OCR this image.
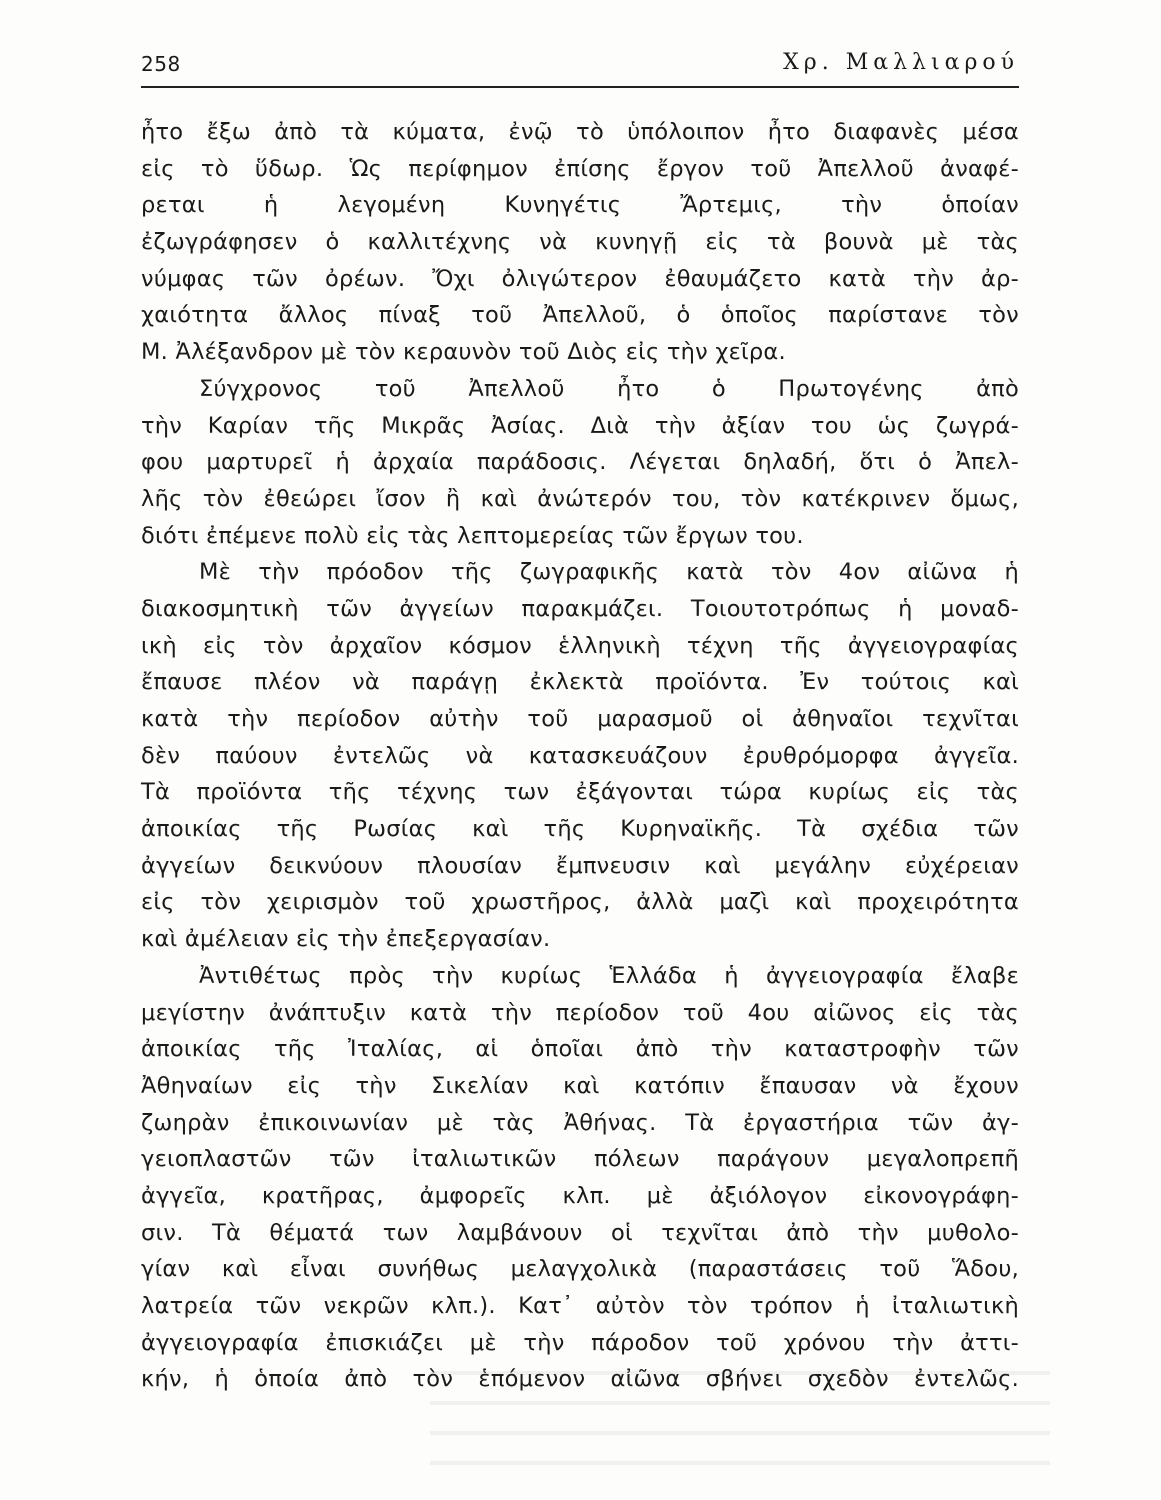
258	Χρ. Μαλλιαρού
ἦτο ἔξω ἀπὸ τὰ κύματα, ἐνῷ τὸ ὑπόλοιπον ἦτο διαφανὲς μέσα
εἰς τὸ ὕδωρ. Ὡς περίφημον ἐπίσης ἔργον τοῦ Ἀπελλοῦ ἀναφέ-
ρεται ἡ λεγομένη Κυνηγέτις Ἄρτεμις, τὴν ὁποίαν
ἐζωγράφησεν ὁ καλλιτέχνης νὰ κυνηγῇ εἰς τὰ βουνὰ μὲ τὰς
νύμφας τῶν ὀρέων. Ὄχι ὀλιγώτερον ἐθαυμάζετο κατὰ τὴν ἀρ-
χαιότητα ἄλλος πίναξ τοῦ Ἀπελλοῦ, ὁ ὁποῖος παρίστανε τὸν
Μ. Ἀλέξανδρον μὲ τὸν κεραυνὸν τοῦ Διὸς εἰς τὴν χεῖρα.
Σύγχρονος τοῦ Ἀπελλοῦ ἦτο ὁ Πρωτογένης ἀπὸ
τὴν Καρίαν τῆς Μικρᾶς Ἀσίας. Διὰ τὴν ἀξίαν του ὡς ζωγρά-
φου μαρτυρεῖ ἡ ἀρχαία παράδοσις. Λέγεται δηλαδή, ὅτι ὁ Ἀπελ-
λῆς τὸν ἐθεώρει ἴσον ἢ καὶ ἀνώτερόν του, τὸν κατέκρινεν ὅμως,
διότι ἐπέμενε πολὺ εἰς τὰς λεπτομερείας τῶν ἔργων του.
Μὲ τὴν πρόοδον τῆς ζωγραφικῆς κατὰ τὸν 4ον αἰῶνα ἡ
διακοσμητικὴ τῶν ἀγγείων παρακμάζει. Τοιουτοτρόπως ἡ μοναδ-
ικὴ εἰς τὸν ἀρχαῖον κόσμον ἑλληνικὴ τέχνη τῆς ἀγγειογραφίας
ἔπαυσε πλέον νὰ παράγῃ ἐκλεκτὰ προϊόντα. Ἐν τούτοις καὶ
κατὰ τὴν περίοδον αὐτὴν τοῦ μαρασμοῦ οἱ ἀθηναῖοι τεχνῖται
δὲν παύουν ἐντελῶς νὰ κατασκευάζουν ἐρυθρόμορφα ἀγγεῖα.
Τὰ προϊόντα τῆς τέχνης των ἐξάγονται τώρα κυρίως εἰς τὰς
ἀποικίας τῆς Ρωσίας καὶ τῆς Κυρηναϊκῆς. Τὰ σχέδια τῶν
ἀγγείων δεικνύουν πλουσίαν ἔμπνευσιν καὶ μεγάλην εὐχέρειαν
εἰς τὸν χειρισμὸν τοῦ χρωστῆρος, ἀλλὰ μαζὶ καὶ προχειρότητα
καὶ ἀμέλειαν εἰς τὴν ἐπεξεργασίαν.
Ἀντιθέτως πρὸς τὴν κυρίως Ἑλλάδα ἡ ἀγγειογραφία ἔλαβε
μεγίστην ἀνάπτυξιν κατὰ τὴν περίοδον τοῦ 4ου αἰῶνος εἰς τὰς
ἀποικίας τῆς Ἰταλίας, αἱ ὁποῖαι ἀπὸ τὴν καταστροφὴν τῶν
Ἀθηναίων εἰς τὴν Σικελίαν καὶ κατόπιν ἔπαυσαν νὰ ἔχουν
ζωηρὰν ἐπικοινωνίαν μὲ τὰς Ἀθήνας. Τὰ ἐργαστήρια τῶν ἀγ-
γειοπλαστῶν τῶν ἰταλιωτικῶν πόλεων παράγουν μεγαλοπρεπῆ
ἀγγεῖα, κρατῆρας, ἀμφορεῖς κλπ. μὲ ἀξιόλογον εἰκονογράφη-
σιν. Τὰ θέματά των λαμβάνουν οἱ τεχνῖται ἀπὸ τὴν μυθολο-
γίαν καὶ εἶναι συνήθως μελαγχολικὰ (παραστάσεις τοῦ Ἅδου,
λατρεία τῶν νεκρῶν κλπ.). Κατ᾽ αὐτὸν τὸν τρόπον ἡ ἰταλιωτικὴ
ἀγγειογραφία ἐπισκιάζει μὲ τὴν πάροδον τοῦ χρόνου τὴν ἀττι-
κήν, ἡ ὁποία ἀπὸ τὸν ἑπόμενον αἰῶνα σβήνει σχεδὸν ἐντελῶς.
